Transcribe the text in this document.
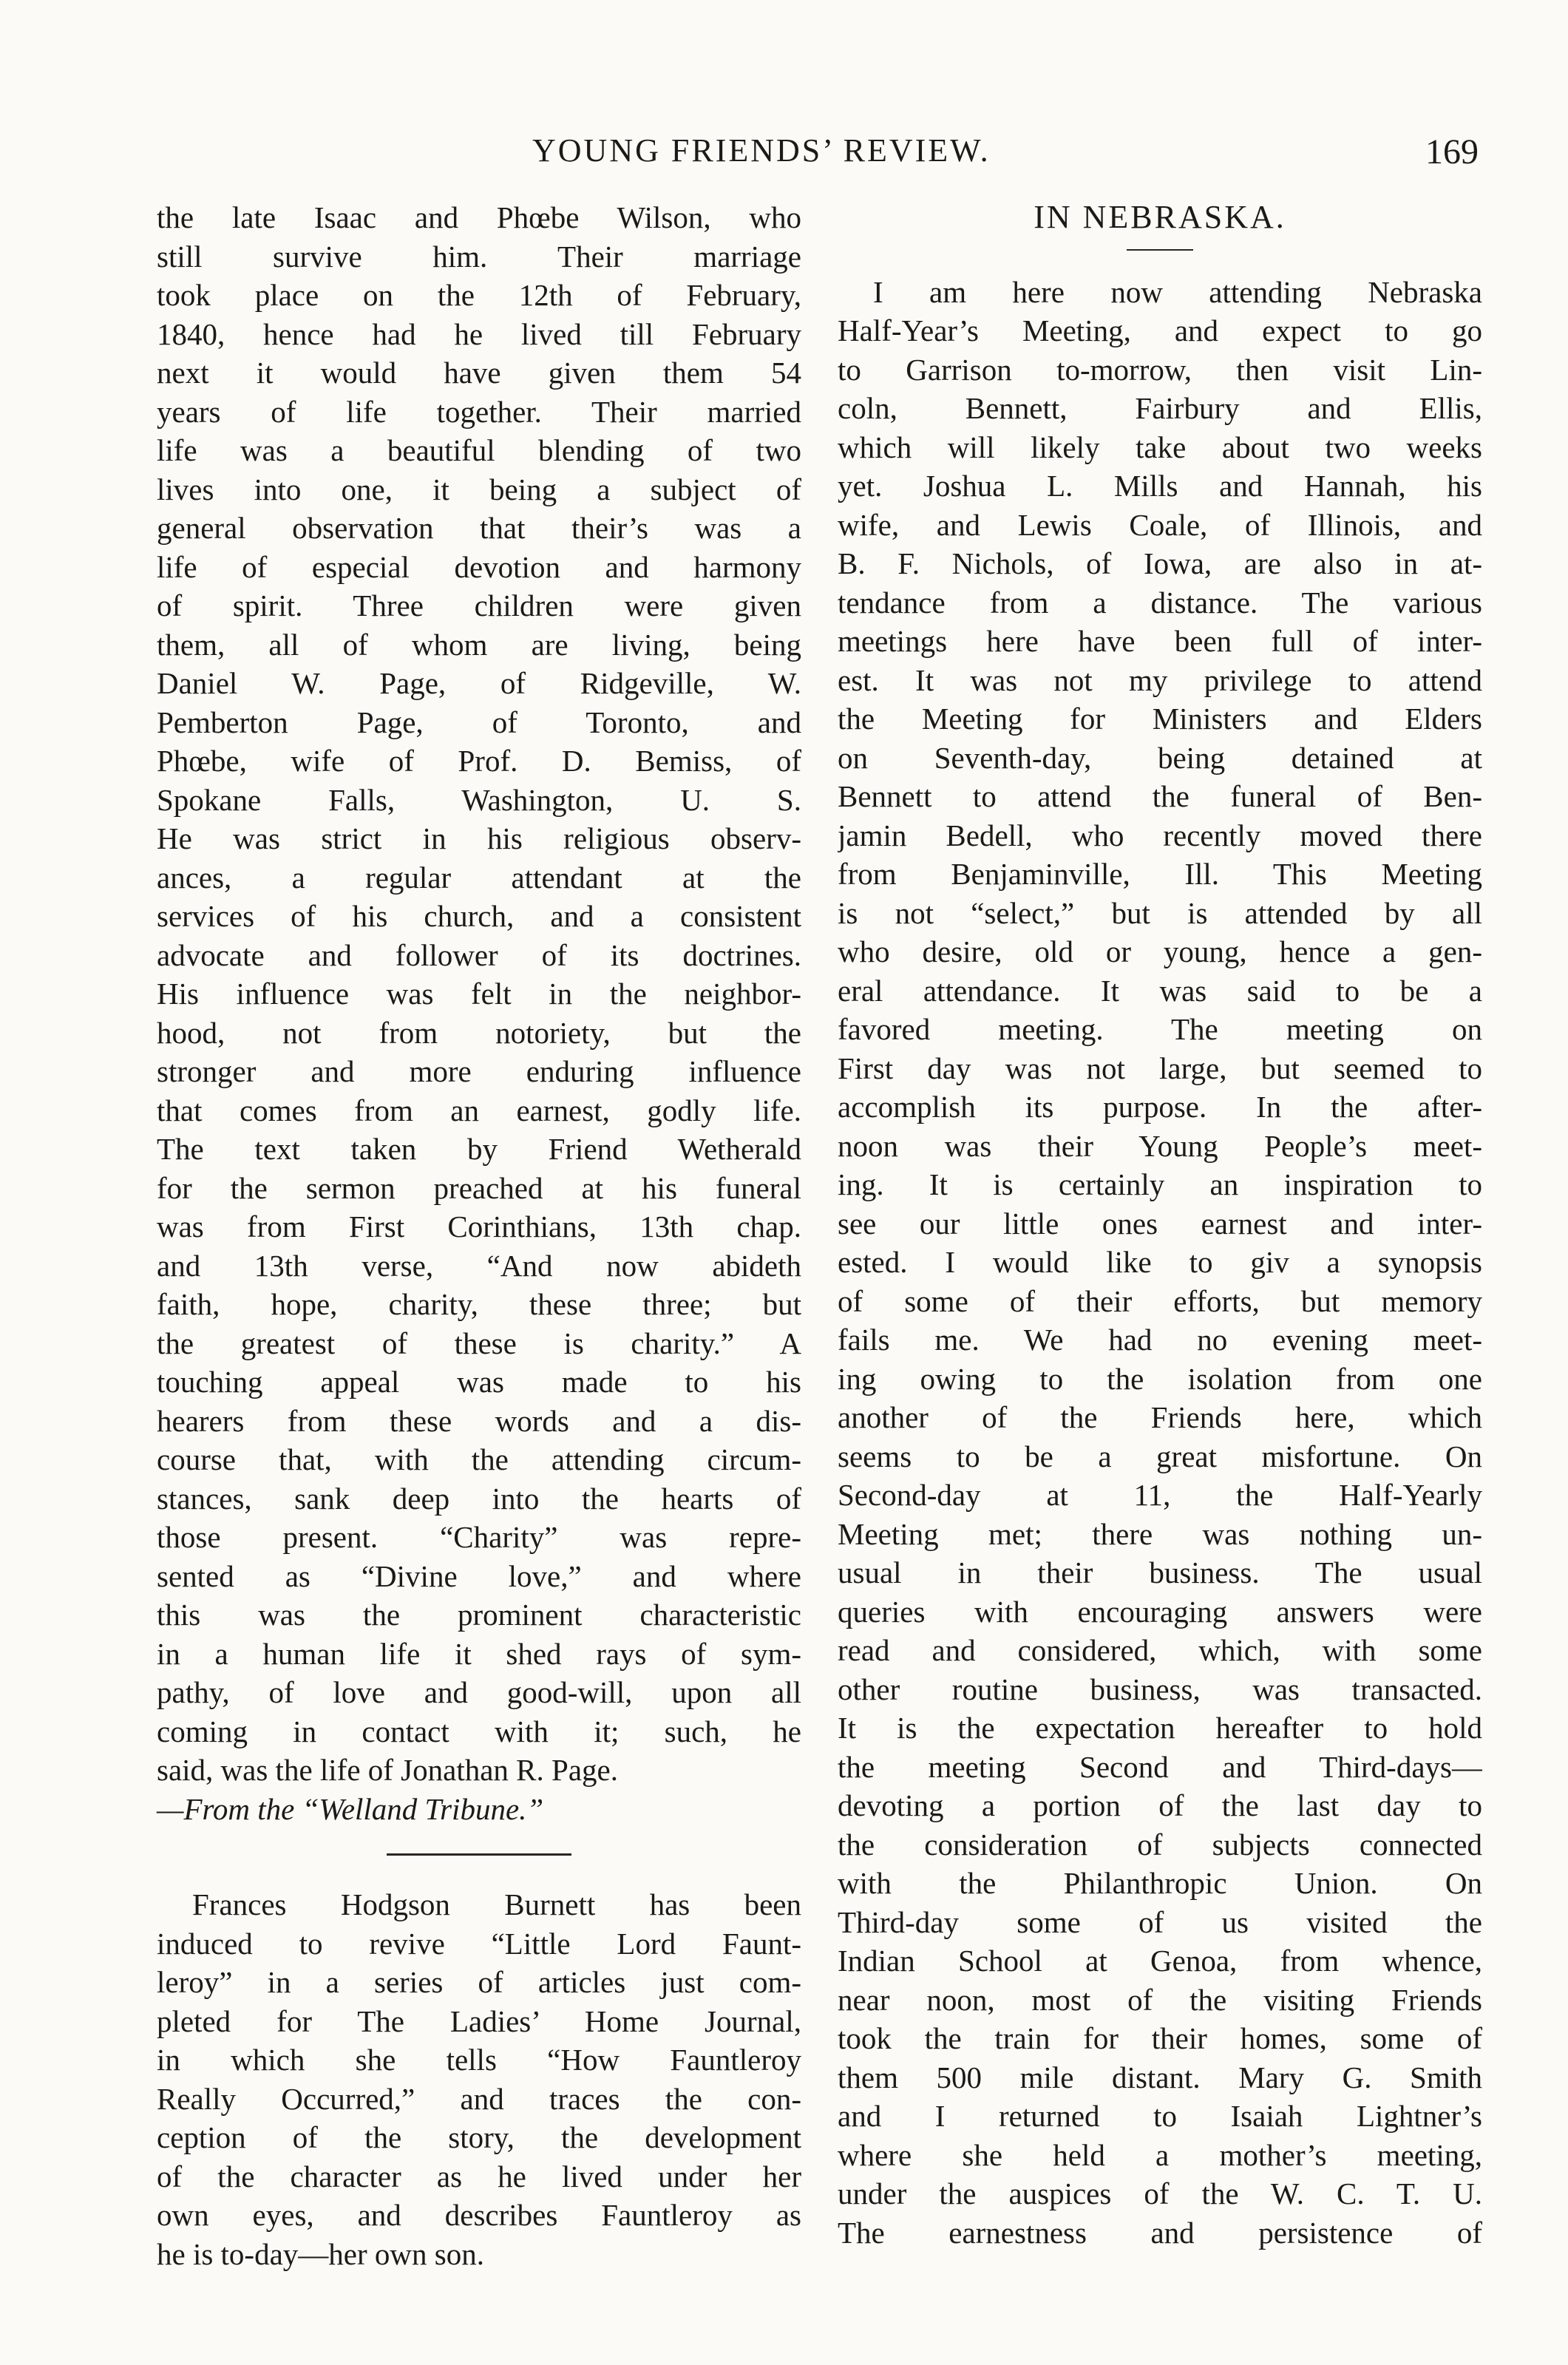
YOUNG FRIENDS’ REVIEW.	169
the late Isaac and Phœbe Wilson, who
still survive him. Their marriage
took place on the 12th of February,
1840, hence had he lived till February
next it would have given them 54
years of life together. Their married
life was a beautiful blending of two
lives into one, it being a subject of
general observation that their’s was a
life of especial devotion and harmony
of spirit. Three children were given
them, all of whom are living, being
Daniel W. Page, of Ridgeville, W.
Pemberton Page, of Toronto, and
Phœbe, wife of Prof. D. Bemiss, of
Spokane Falls, Washington, U. S.
He was strict in his religious observ-
ances, a regular attendant at the
services of his church, and a consistent
advocate and follower of its doctrines.
His influence was felt in the neighbor-
hood, not from notoriety, but the
stronger and more enduring influence
that comes from an earnest, godly life.
The text taken by Friend Wetherald
for the sermon preached at his funeral
was from First Corinthians, 13th chap.
and 13th verse, “And now abideth
faith, hope, charity, these three; but
the greatest of these is charity.” A
touching appeal was made to his
hearers from these words and a dis-
course that, with the attending circum-
stances, sank deep into the hearts of
those present. “Charity” was repre-
sented as “Divine love,” and where
this was the prominent characteristic
in a human life it shed rays of sym-
pathy, of love and good-will, upon all
coming in contact with it; such, he
said, was the life of Jonathan R. Page.
—From the “Welland Tribune.”
Frances Hodgson Burnett has been
induced to revive “Little Lord Faunt-
leroy” in a series of articles just com-
pleted for The Ladies’ Home Journal,
in which she tells “How Fauntleroy
Really Occurred,” and traces the con-
ception of the story, the development
of the character as he lived under her
own eyes, and describes Fauntleroy as
he is to-day—her own son.
IN NEBRASKA.
I am here now attending Nebraska
Half-Year’s Meeting, and expect to go
to Garrison to-morrow, then visit Lin-
coln, Bennett, Fairbury and Ellis,
which will likely take about two weeks
yet. Joshua L. Mills and Hannah, his
wife, and Lewis Coale, of Illinois, and
B. F. Nichols, of Iowa, are also in at-
tendance from a distance. The various
meetings here have been full of inter-
est. It was not my privilege to attend
the Meeting for Ministers and Elders
on Seventh-day, being detained at
Bennett to attend the funeral of Ben-
jamin Bedell, who recently moved there
from Benjaminville, Ill. This Meeting
is not “select,” but is attended by all
who desire, old or young, hence a gen-
eral attendance. It was said to be a
favored meeting. The meeting on
First day was not large, but seemed to
accomplish its purpose. In the after-
noon was their Young People’s meet-
ing. It is certainly an inspiration to
see our little ones earnest and inter-
ested. I would like to giv a synopsis
of some of their efforts, but memory
fails me. We had no evening meet-
ing owing to the isolation from one
another of the Friends here, which
seems to be a great misfortune. On
Second-day at 11, the Half-Yearly
Meeting met; there was nothing un-
usual in their business. The usual
queries with encouraging answers were
read and considered, which, with some
other routine business, was transacted.
It is the expectation hereafter to hold
the meeting Second and Third-days—
devoting a portion of the last day to
the consideration of subjects connected
with the Philanthropic Union. On
Third-day some of us visited the
Indian School at Genoa, from whence,
near noon, most of the visiting Friends
took the train for their homes, some of
them 500 mile distant. Mary G. Smith
and I returned to Isaiah Lightner’s
where she held a mother’s meeting,
under the auspices of the W. C. T. U.
The earnestness and persistence of
